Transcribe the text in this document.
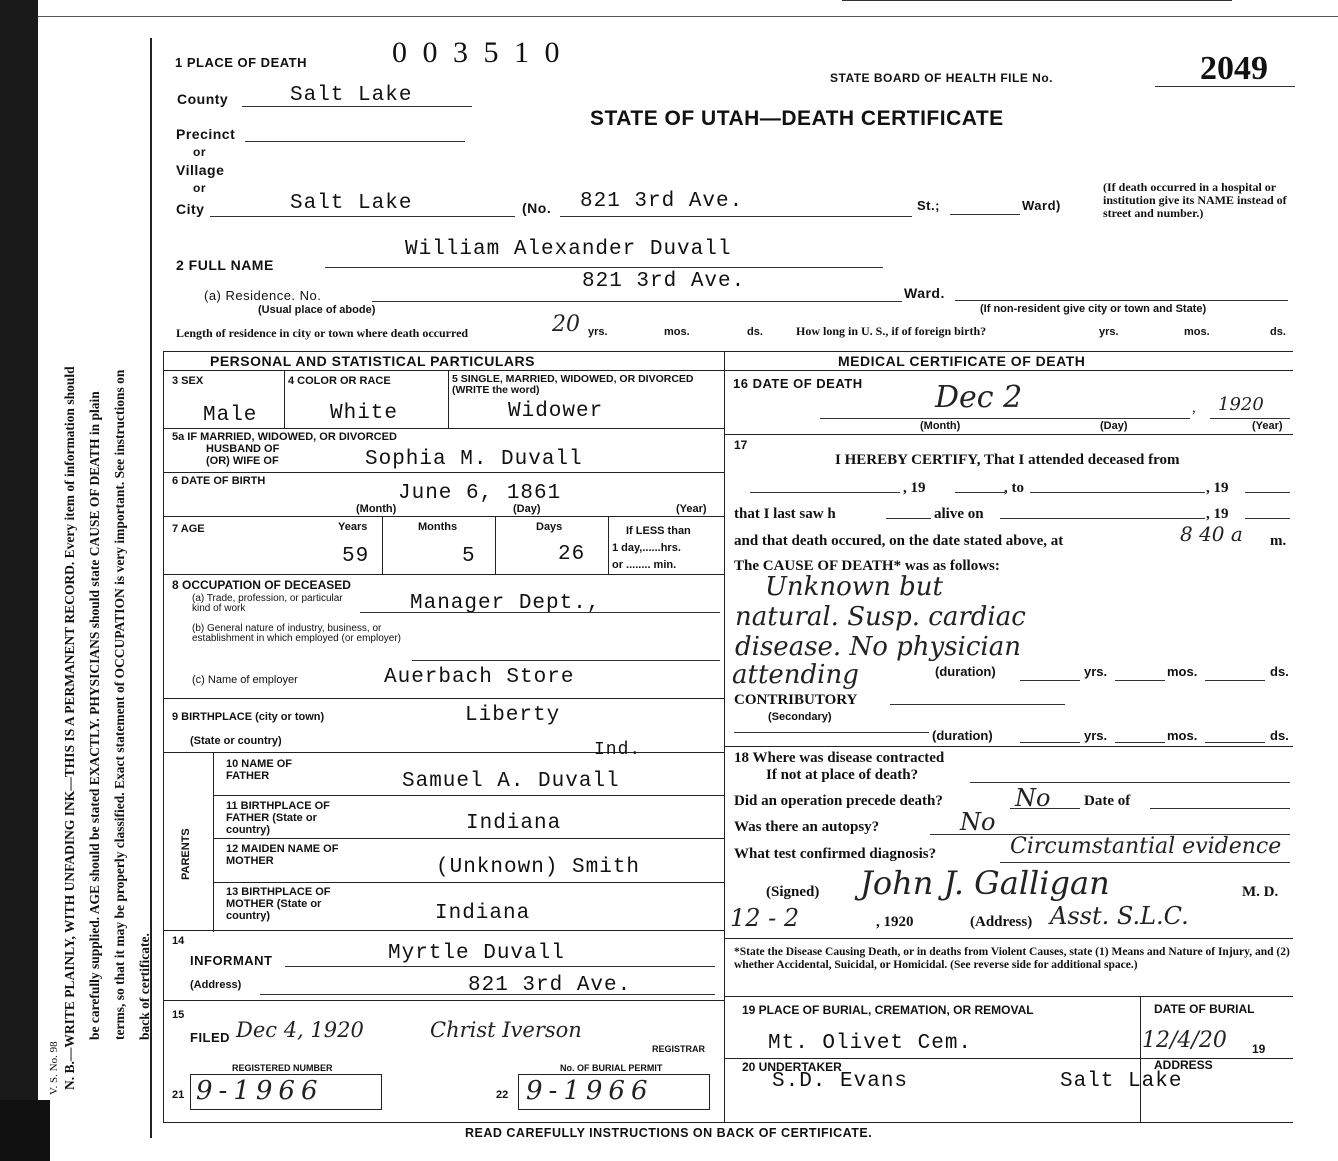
N. B.—WRITE PLAINLY, WITH UNFADING INK—THIS IS A PERMANENT RECORD. Every item of information should be carefully supplied. AGE should be stated EXACTLY. PHYSICIANS should state CAUSE OF DEATH in plain terms, so that it may be properly classified. Exact statement of OCCUPATION is very important. See instructions on back of certificate.
V. S. No. 98
1 PLACE OF DEATH	0 0 3 5 1 0
STATE BOARD OF HEALTH FILE No.	2049
STATE OF UTAH—DEATH CERTIFICATE
County	Salt Lake
Precinct
or
Village
or
City	Salt Lake	(No. 821 3rd Ave.	St.;	Ward)
(If death occurred in a hospital or institution give its NAME instead of street and number.)
2 FULL NAME
William Alexander Duvall
(a) Residence. No.
821 3rd Ave.	Ward.
(Usual place of abode)	(If non-resident give city or town and State)
Length of residence in city or town where death occurred	20 yrs.	mos.	ds.	How long in U. S., if of foreign birth?	yrs.	mos.	ds.
PERSONAL AND STATISTICAL PARTICULARS
3 SEX	4 COLOR OR RACE	5 SINGLE, MARRIED, WIDOWED, OR DIVORCED (WRITE the word)
Male	White	Widower
5a IF MARRIED, WIDOWED, OR DIVORCED
HUSBAND OF
(OR) WIFE OF	Sophia M. Duvall
6 DATE OF BIRTH
June 6, 1861
(Month)	(Day)	(Year)
7 AGE	Years	Months	Days
59	5	26
If LESS than
1 day,......hrs.
or ........ min.
8 OCCUPATION OF DECEASED
(a) Trade, profession, or particular kind of work	Manager Dept.,
(b) General nature of industry, business, or establishment in which employed (or employer)
(c) Name of employer	Auerbach Store
9 BIRTHPLACE (city or town)	Liberty
(State or country)	Ind.
PARENTS
10 NAME OF FATHER	Samuel A. Duvall
11 BIRTHPLACE OF FATHER (State or country)	Indiana
12 MAIDEN NAME OF MOTHER	(Unknown) Smith
13 BIRTHPLACE OF MOTHER (State or country)	Indiana
14
INFORMANT	Myrtle Duvall
(Address)	821 3rd Ave.
15
FILED Dec 4, 1920	Christ Iverson
REGISTRAR
REGISTERED NUMBER	No. OF BURIAL PERMIT
21 9-1966	22 9-1966
MEDICAL CERTIFICATE OF DEATH
16 DATE OF DEATH Dec 2	, 1920
(Month)	(Day)	(Year)
17
I HEREBY CERTIFY, That I attended deceased from
, 19	, to	, 19
that I last saw h	alive on	, 19
and that death occured, on the date stated above, at	8 40 a m.
The CAUSE OF DEATH* was as follows:
Unknown but
natural. Susp. cardiac
disease. No physician
attending	(duration)	yrs.	mos.	ds.
CONTRIBUTORY
(Secondary)
(duration)	yrs.	mos.	ds.
18 Where was disease contracted
If not at place of death?
Did an operation precede death?	No Date of
Was there an autopsy?	No
What test confirmed diagnosis?	Circumstantial evidence
(Signed) John J. Galligan	M. D.
12 - 2	, 1920	(Address) Asst. S.L.C.
*State the Disease Causing Death, or in deaths from Violent Causes, state (1) Means and Nature of Injury, and (2) whether Accidental, Suicidal, or Homicidal. (See reverse side for additional space.)
19 PLACE OF BURIAL, CREMATION, OR REMOVAL	DATE OF BURIAL
Mt. Olivet Cem.	12/4/20 19
20 UNDERTAKER	ADDRESS
S.D. Evans	Salt Lake
READ CAREFULLY INSTRUCTIONS ON BACK OF CERTIFICATE.
